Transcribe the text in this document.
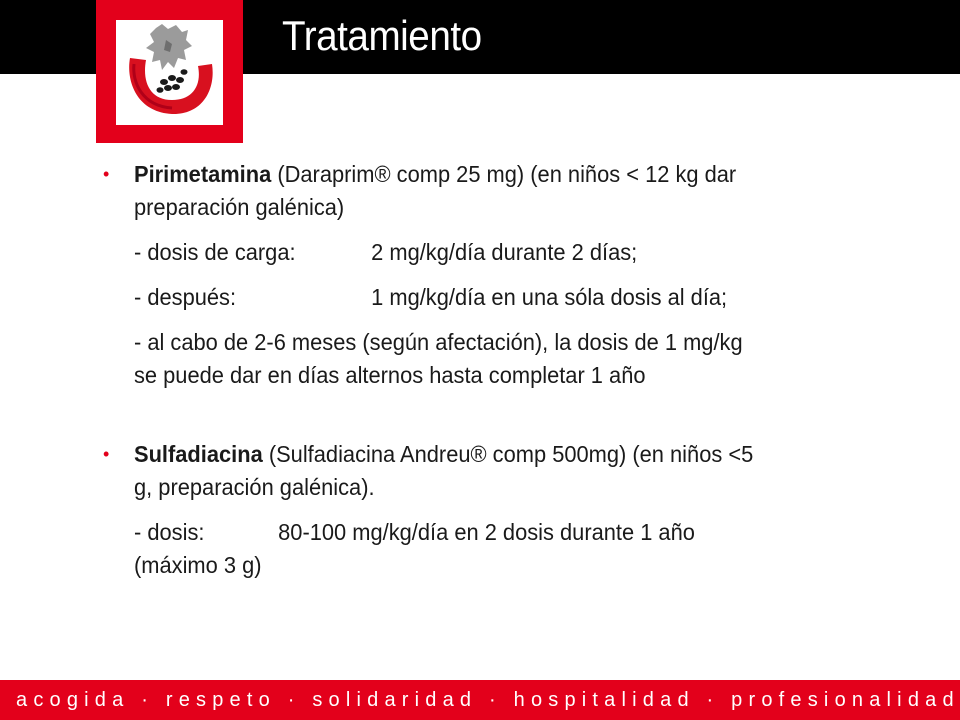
Tratamiento
• Pirimetamina (Daraprim® comp 25 mg) (en niños < 12 kg dar
preparación galénica)
- dosis de carga:	2 mg/kg/día durante 2 días;
- después:	1 mg/kg/día en una sóla dosis al día;
- al cabo de 2-6 meses (según afectación), la dosis de 1 mg/kg
se puede dar en días alternos hasta completar 1 año
• Sulfadiacina (Sulfadiacina Andreu® comp 500mg) (en niños <5
g, preparación galénica).
- dosis:	80-100 mg/kg/día en 2 dosis durante 1 año
(máximo 3 g)
acogida · respeto · solidaridad · hospitalidad · profesionalidad
